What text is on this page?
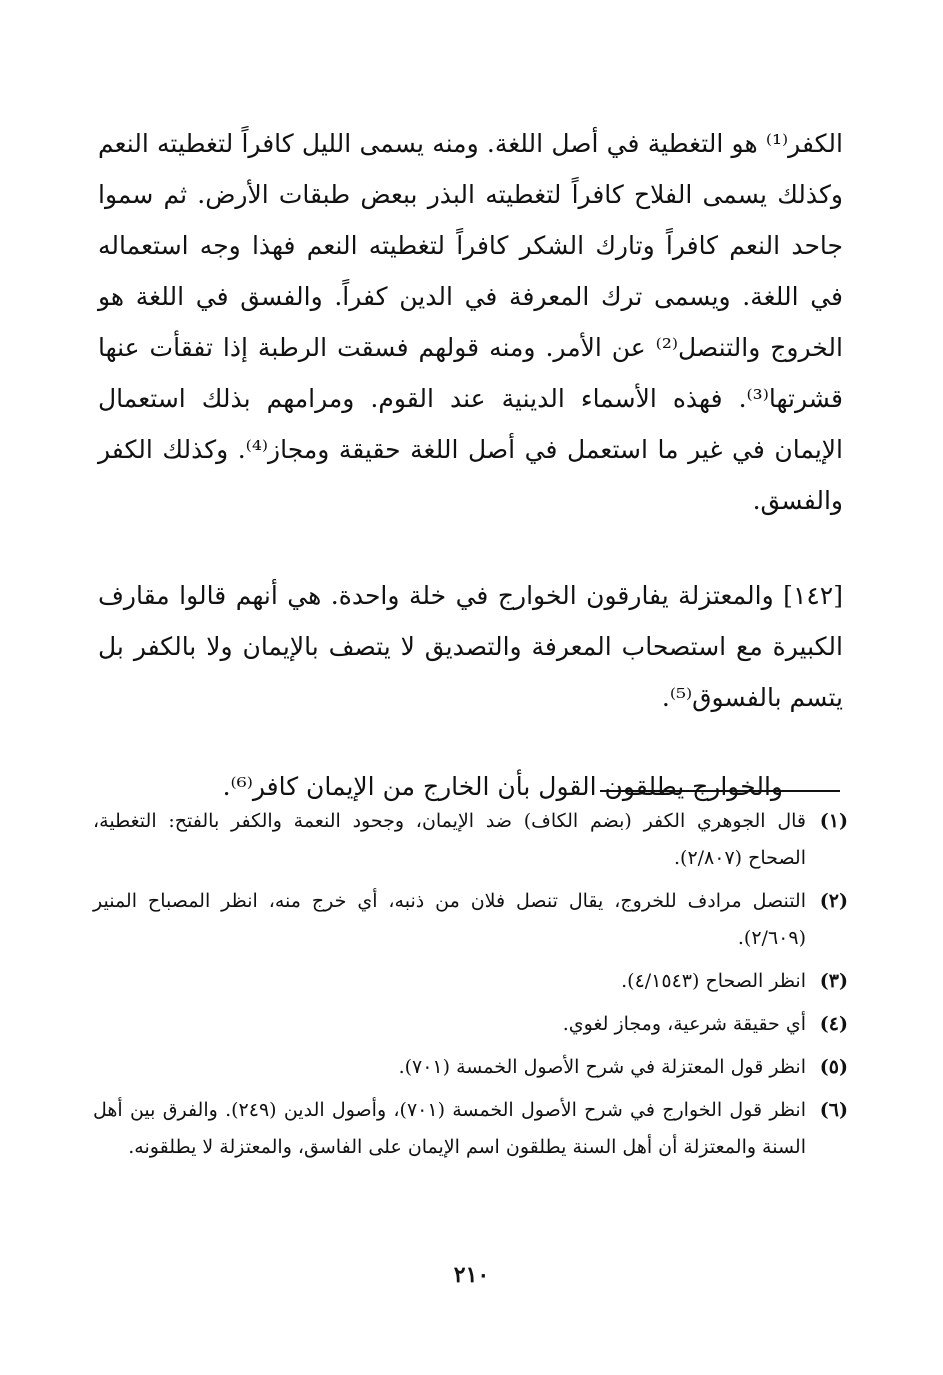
الكفر⁽¹⁾ هو التغطية في أصل اللغة. ومنه يسمى الليل كافراً لتغطيته النعم وكذلك يسمى الفلاح كافراً لتغطيته البذر ببعض طبقات الأرض. ثم سموا جاحد النعم كافراً وتارك الشكر كافراً لتغطيته النعم فهذا وجه استعماله في اللغة. ويسمى ترك المعرفة في الدين كفراً. والفسق في اللغة هو الخروج والتنصل⁽²⁾ عن الأمر. ومنه قولهم فسقت الرطبة إذا تفقأت عنها قشرتها⁽³⁾. فهذه الأسماء الدينية عند القوم. ومرامهم بذلك استعمال الإيمان في غير ما استعمل في أصل اللغة حقيقة ومجاز⁽⁴⁾. وكذلك الكفر والفسق.

[١٤٢] والمعتزلة يفارقون الخوارج في خلة واحدة. هي أنهم قالوا مقارف الكبيرة مع استصحاب المعرفة والتصديق لا يتصف بالإيمان ولا بالكفر بل يتسم بالفسوق⁽⁵⁾.

والخوارج يطلقون القول بأن الخارج من الإيمان كافر⁽⁶⁾.

(١)
قال الجوهري الكفر (بضم الكاف) ضد الإيمان، وجحود النعمة والكفر بالفتح: التغطية، الصحاح (٢/٨٠٧).
(٢)
التنصل مرادف للخروج، يقال تنصل فلان من ذنبه، أي خرج منه، انظر المصباح المنير (٢/٦٠٩).
(٣)
انظر الصحاح (٤/١٥٤٣).
(٤)
أي حقيقة شرعية، ومجاز لغوي.
(٥)
انظر قول المعتزلة في شرح الأصول الخمسة (٧٠١).
(٦)
انظر قول الخوارج في شرح الأصول الخمسة (٧٠١)، وأصول الدين (٢٤٩). والفرق بين أهل السنة والمعتزلة أن أهل السنة يطلقون اسم الإيمان على الفاسق، والمعتزلة لا يطلقونه.
٢١٠
